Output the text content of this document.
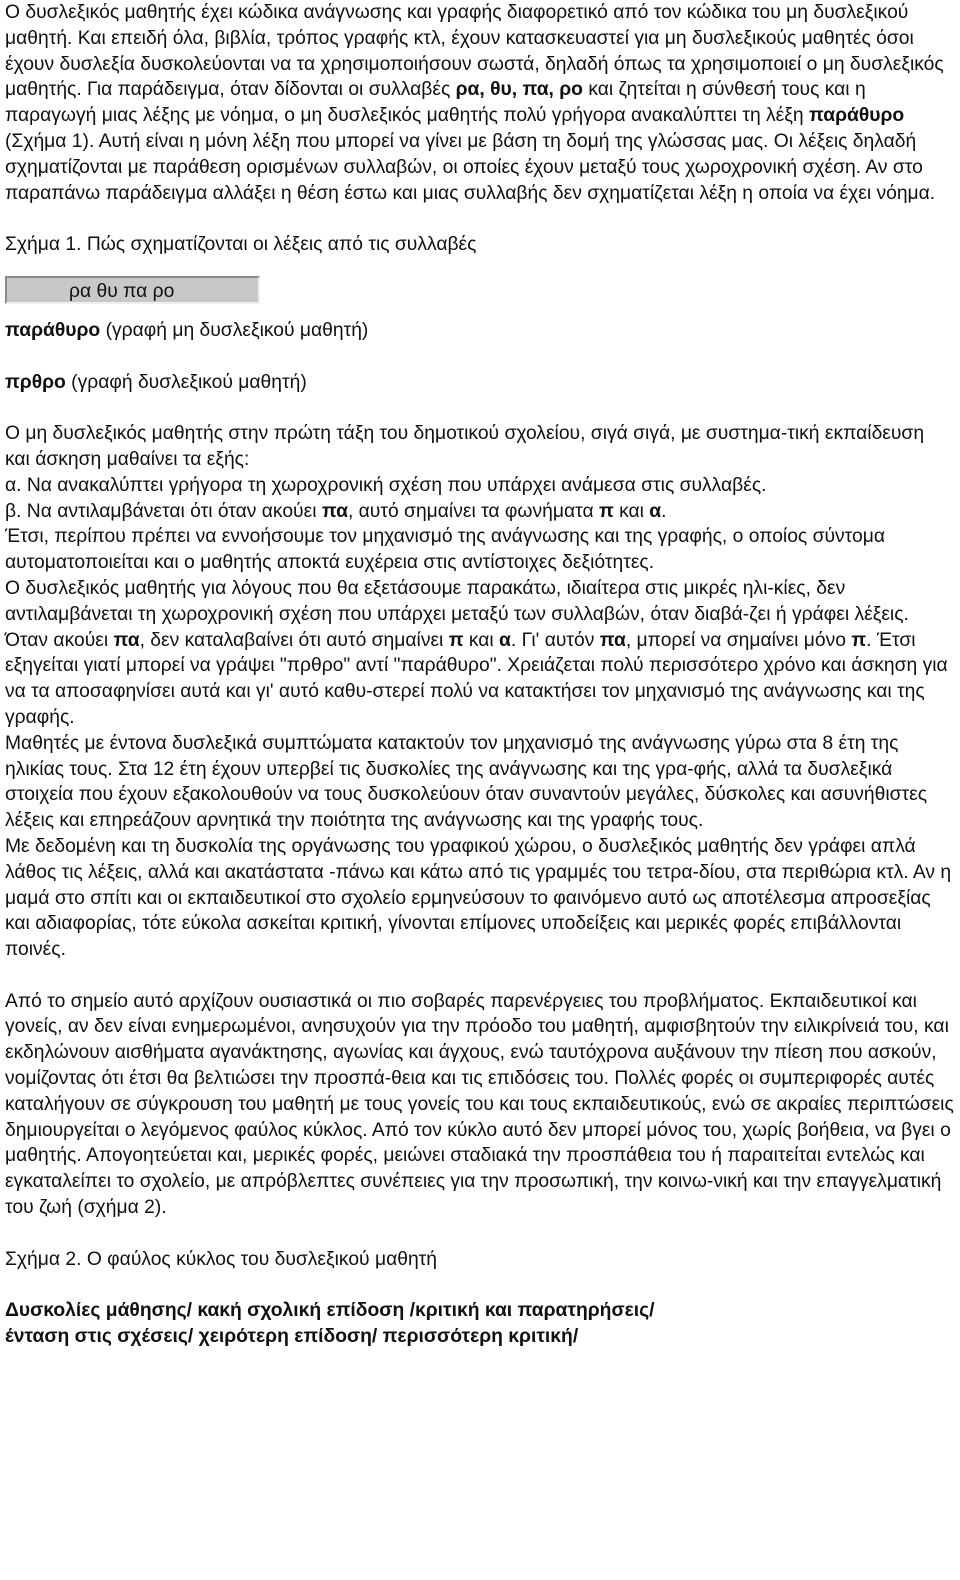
Ο δυσλεξικός μαθητής έχει κώδικα ανάγνωσης και γραφής διαφορετικό από τον κώδικα του μη δυσλεξικού μαθητή. Και επειδή όλα, βιβλία, τρόπος γραφής κτλ, έχουν κατασκευαστεί για μη δυσλεξικούς μαθητές όσοι έχουν δυσλεξία δυσκολεύονται να τα χρησιμοποιήσουν σωστά, δηλαδή όπως τα χρησιμοποιεί ο μη δυσλεξικός μαθητής. Για παράδειγμα, όταν δίδονται οι συλλαβές ρα, θυ, πα, ρο και ζητείται η σύνθεσή τους και η παραγωγή μιας λέξης με νόημα, ο μη δυσλεξικός μαθητής πολύ γρήγορα ανακαλύπτει τη λέξη παράθυρο (Σχήμα 1). Αυτή είναι η μόνη λέξη που μπορεί να γίνει με βάση τη δομή της γλώσσας μας. Οι λέξεις δηλαδή σχηματίζονται με παράθεση ορισμένων συλλαβών, οι οποίες έχουν μεταξύ τους χωροχρονική σχέση. Αν στο παραπάνω παράδειγμα αλλάξει η θέση έστω και μιας συλλαβής δεν σχηματίζεται λέξη η οποία να έχει νόημα.

Σχήμα 1. Πώς σχηματίζονται οι λέξεις από τις συλλαβές

ρα θυ πα ρο

παράθυρο (γραφή μη δυσλεξικού μαθητή)

πρθρο (γραφή δυσλεξικού μαθητή)

Ο μη δυσλεξικός μαθητής στην πρώτη τάξη του δημοτικού σχολείου, σιγά σιγά, με συστημα-τική εκπαίδευση και άσκηση μαθαίνει τα εξής:

α. Να ανακαλύπτει γρήγορα τη χωροχρονική σχέση που υπάρχει ανάμεσα στις συλλαβές.

β. Να αντιλαμβάνεται ότι όταν ακούει πα, αυτό σημαίνει τα φωνήματα π και α.

Έτσι, περίπου πρέπει να εννοήσουμε τον μηχανισμό της ανάγνωσης και της γραφής, ο οποίος σύντομα αυτοματοποιείται και ο μαθητής αποκτά ευχέρεια στις αντίστοιχες δεξιότητες.

Ο δυσλεξικός μαθητής για λόγους που θα εξετάσουμε παρακάτω, ιδιαίτερα στις μικρές ηλι-κίες, δεν αντιλαμβάνεται τη χωροχρονική σχέση που υπάρχει μεταξύ των συλλαβών, όταν διαβά-ζει ή γράφει λέξεις. Όταν ακούει πα, δεν καταλαβαίνει ότι αυτό σημαίνει π και α. Γι' αυτόν πα, μπορεί να σημαίνει μόνο π. Έτσι εξηγείται γιατί μπορεί να γράψει "πρθρο" αντί "παράθυρο". Χρειάζεται πολύ περισσότερο χρόνο και άσκηση για να τα αποσαφηνίσει αυτά και γι' αυτό καθυ-στερεί πολύ να κατακτήσει τον μηχανισμό της ανάγνωσης και της γραφής.

Μαθητές με έντονα δυσλεξικά συμπτώματα κατακτούν τον μηχανισμό της ανάγνωσης γύρω στα 8 έτη της ηλικίας τους. Στα 12 έτη έχουν υπερβεί τις δυσκολίες της ανάγνωσης και της γρα-φής, αλλά τα δυσλεξικά στοιχεία που έχουν εξακολουθούν να τους δυσκολεύουν όταν συναντούν μεγάλες, δύσκολες και ασυνήθιστες λέξεις και επηρεάζουν αρνητικά την ποιότητα της ανάγνωσης και της γραφής τους.

Με δεδομένη και τη δυσκολία της οργάνωσης του γραφικού χώρου, ο δυσλεξικός μαθητής δεν γράφει απλά λάθος τις λέξεις, αλλά και ακατάστατα -πάνω και κάτω από τις γραμμές του τετρα-δίου, στα περιθώρια κτλ. Αν η μαμά στο σπίτι και οι εκπαιδευτικοί στο σχολείο ερμηνεύσουν το φαινόμενο αυτό ως αποτέλεσμα απροσεξίας και αδιαφορίας, τότε εύκολα ασκείται κριτική, γίνονται επίμονες υποδείξεις και μερικές φορές επιβάλλονται ποινές.

Από το σημείο αυτό αρχίζουν ουσιαστικά οι πιο σοβαρές παρενέργειες του προβλήματος. Εκπαιδευτικοί και γονείς, αν δεν είναι ενημερωμένοι, ανησυχούν για την πρόοδο του μαθητή, αμφισβητούν την ειλικρίνειά του, και εκδηλώνουν αισθήματα αγανάκτησης, αγωνίας και άγχους, ενώ ταυτόχρονα αυξάνουν την πίεση που ασκούν, νομίζοντας ότι έτσι θα βελτιώσει την προσπά-θεια και τις επιδόσεις του. Πολλές φορές οι συμπεριφορές αυτές καταλήγουν σε σύγκρουση του μαθητή με τους γονείς του και τους εκπαιδευτικούς, ενώ σε ακραίες περιπτώσεις δημιουργείται ο λεγόμενος φαύλος κύκλος. Από τον κύκλο αυτό δεν μπορεί μόνος του, χωρίς βοήθεια, να βγει ο μαθητής. Απογοητεύεται και, μερικές φορές, μειώνει σταδιακά την προσπάθεια του ή παραιτείται εντελώς και εγκαταλείπει το σχολείο, με απρόβλεπτες συνέπειες για την προσωπική, την κοινω-νική και την επαγγελματική του ζωή (σχήμα 2).

Σχήμα 2. Ο φαύλος κύκλος του δυσλεξικού μαθητή

Δυσκολίες μάθησης/ κακή σχολική επίδοση /κριτική και παρατηρήσεις/

ένταση στις σχέσεις/ χειρότερη επίδοση/ περισσότερη κριτική/
